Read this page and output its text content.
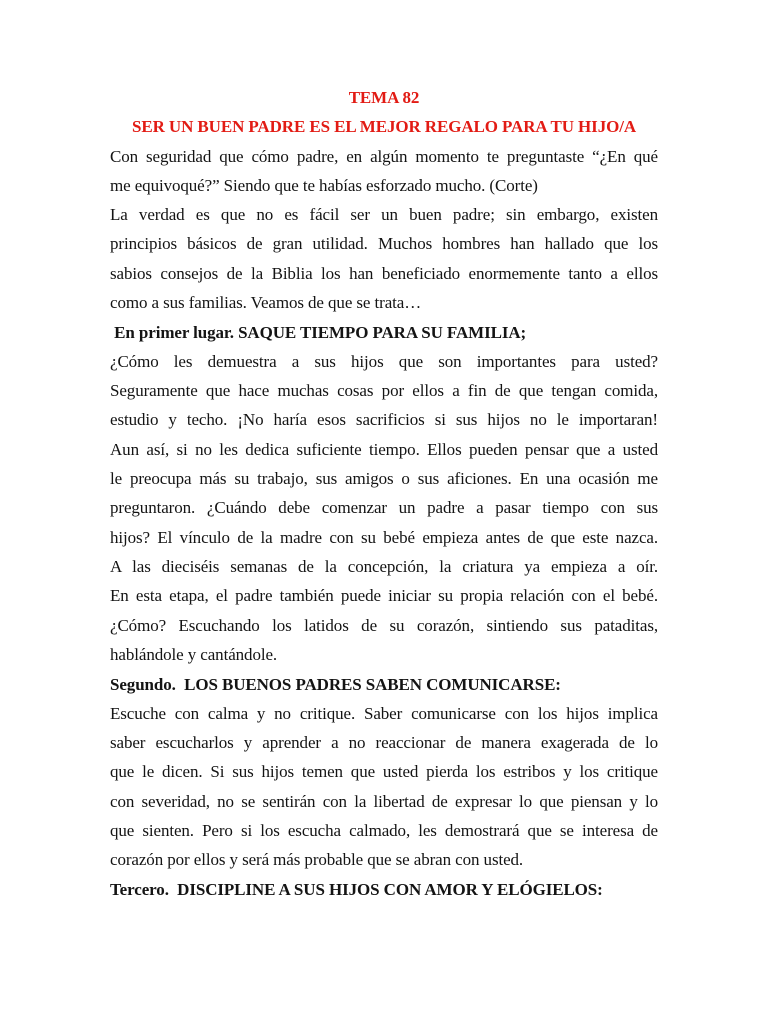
TEMA 82
SER UN BUEN PADRE ES EL MEJOR REGALO PARA TU HIJO/A
Con seguridad que cómo padre, en algún momento te preguntaste “¿En qué
me equivoqué?” Siendo que te habías esforzado mucho. (Corte)
La verdad es que no es fácil ser un buen padre; sin embargo, existen
principios básicos de gran utilidad. Muchos hombres han hallado que los
sabios consejos de la Biblia los han beneficiado enormemente tanto a ellos
como a sus familias. Veamos de que se trata…
En primer lugar. SAQUE TIEMPO PARA SU FAMILIA;
¿Cómo les demuestra a sus hijos que son importantes para usted?
Seguramente que hace muchas cosas por ellos a fin de que tengan comida,
estudio y techo. ¡No haría esos sacrificios si sus hijos no le importaran!
Aun así, si no les dedica suficiente tiempo. Ellos pueden pensar que a usted
le preocupa más su trabajo, sus amigos o sus aficiones. En una ocasión me
preguntaron. ¿Cuándo debe comenzar un padre a pasar tiempo con sus
hijos? El vínculo de la madre con su bebé empieza antes de que este nazca.
A las dieciséis semanas de la concepción, la criatura ya empieza a oír.
En esta etapa, el padre también puede iniciar su propia relación con el bebé.
¿Cómo? Escuchando los latidos de su corazón, sintiendo sus pataditas,
hablándole y cantándole.
Segundo.  LOS BUENOS PADRES SABEN COMUNICARSE:
Escuche con calma y no critique. Saber comunicarse con los hijos implica
saber escucharlos y aprender a no reaccionar de manera exagerada de lo
que le dicen. Si sus hijos temen que usted pierda los estribos y los critique
con severidad, no se sentirán con la libertad de expresar lo que piensan y lo
que sienten. Pero si los escucha calmado, les demostrará que se interesa de
corazón por ellos y será más probable que se abran con usted.
Tercero.  DISCIPLINE A SUS HIJOS CON AMOR Y ELÓGIELOS:
